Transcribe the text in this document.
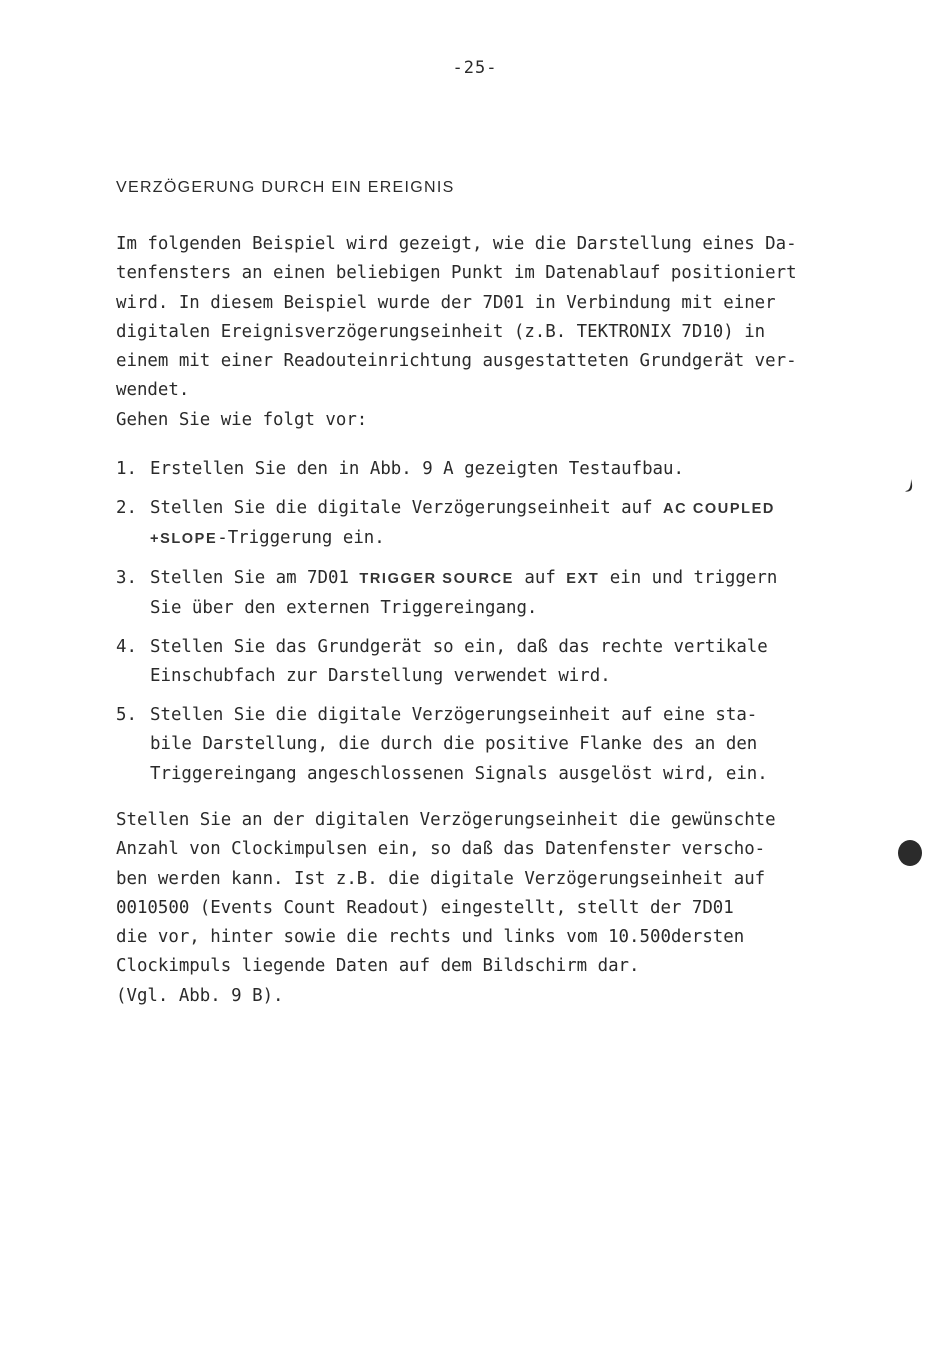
-25-
VERZÖGERUNG DURCH EIN EREIGNIS
Im folgenden Beispiel wird gezeigt, wie die Darstellung eines Da-
tenfensters an einen beliebigen Punkt im Datenablauf positioniert
wird. In diesem Beispiel wurde der 7D01 in Verbindung mit einer
digitalen Ereignisverzögerungseinheit (z.B. TEKTRONIX 7D10) in
einem mit einer Readouteinrichtung ausgestatteten Grundgerät ver-
wendet.
Gehen Sie wie folgt vor:
1. Erstellen Sie den in Abb. 9 A gezeigten Testaufbau.
2. Stellen Sie die digitale Verzögerungseinheit auf AC COUPLED
+SLOPE-Triggerung ein.
3. Stellen Sie am 7D01 TRIGGER SOURCE auf EXT ein und triggern
Sie über den externen Triggereingang.
4. Stellen Sie das Grundgerät so ein, daß das rechte vertikale
Einschubfach zur Darstellung verwendet wird.
5. Stellen Sie die digitale Verzögerungseinheit auf eine sta-
bile Darstellung, die durch die positive Flanke des an den
Triggereingang angeschlossenen Signals ausgelöst wird, ein.
Stellen Sie an der digitalen Verzögerungseinheit die gewünschte
Anzahl von Clockimpulsen ein, so daß das Datenfenster verscho-
ben werden kann. Ist z.B. die digitale Verzögerungseinheit auf
0010500 (Events Count Readout) eingestellt, stellt der 7D01
die vor, hinter sowie die rechts und links vom 10.500dersten
Clockimpuls liegende Daten auf dem Bildschirm dar.
(Vgl. Abb. 9 B).
